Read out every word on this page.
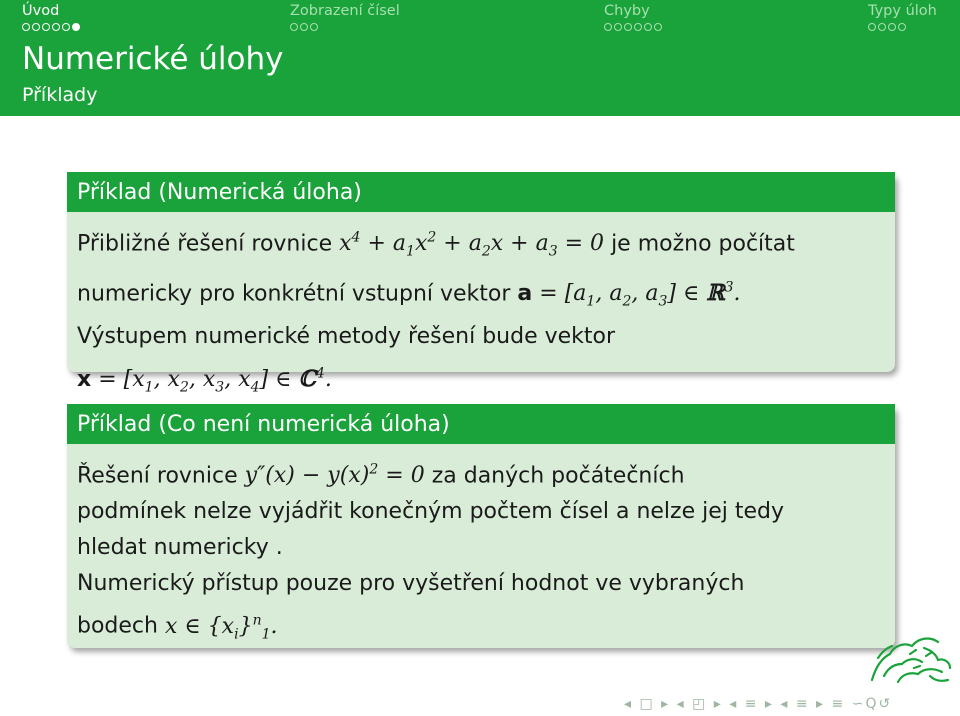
Úvod	Zobrazení čísel	Chyby	Typy úloh
Numerické úlohy
Příklady
Příklad (Numerická úloha)
Přibližné řešení rovnice $x^4 + a_1x^2 + a_2x + a_3 = 0$ je možno počítat
numericky pro konkrétní vstupní vektor $a = [a_1$, $a_2$, $a_3$] ∈ ℝ$^3$.
Výstupem numerické metody řešení bude vektor
$x = [x_1$, $x_2$, $x_3$, $x_4$] ∈ ℂ$^4$.
Příklad (Co není numerická úloha)
Řešení rovnice $y''(x) - y(x)^2 = 0$ za daných počátečních
podmínek nelze vyjádřit konečným počtem čísel a nelze jej tedy
hledat numericky .
Numerický přístup pouze pro vyšetření hodnot ve vybraných
bodech x ∈ $\{x_i\}^n_1$.
◂ □ ▸ ◂ ◰ ▸ ◂ ≡ ▸ ◂ ≡ ▸ ≡ ∽Q↺
